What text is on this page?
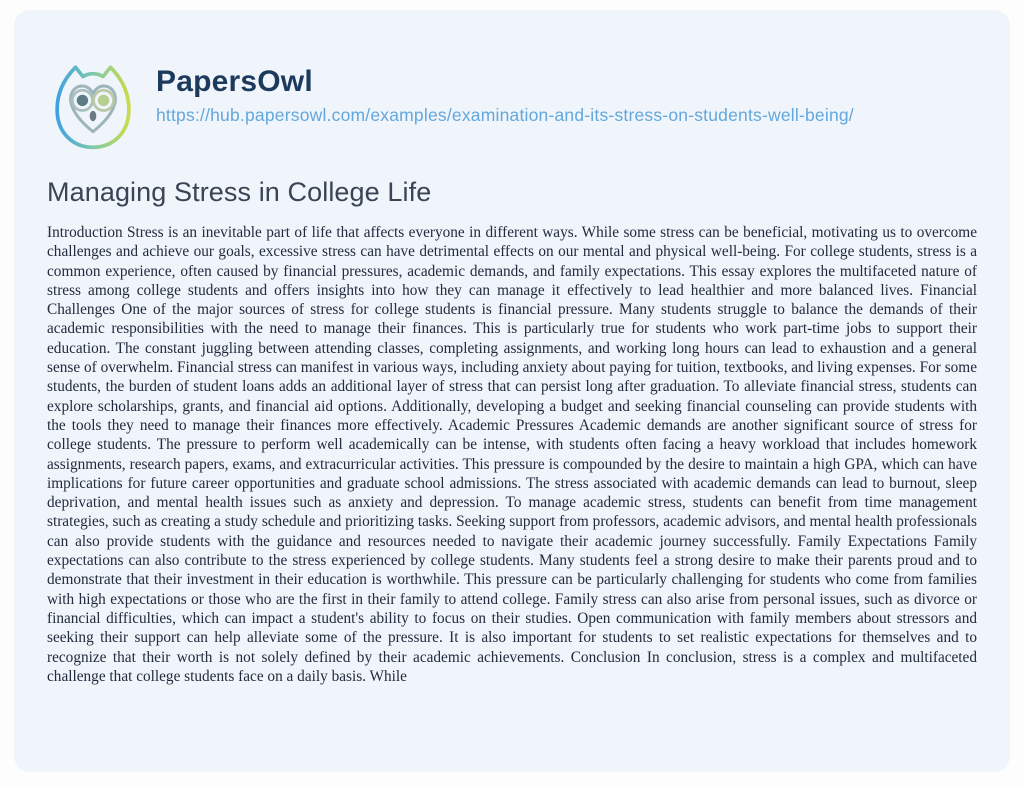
PapersOwl
https://hub.papersowl.com/examples/examination-and-its-stress-on-students-well-being/
Managing Stress in College Life

Introduction Stress is an inevitable part of life that affects everyone in different ways. While some stress can be beneficial, motivating us to overcome challenges and achieve our goals, excessive stress can have detrimental effects on our mental and physical well-being. For college students, stress is a common experience, often caused by financial pressures, academic demands, and family expectations. This essay explores the multifaceted nature of stress among college students and offers insights into how they can manage it effectively to lead healthier and more balanced lives. Financial Challenges One of the major sources of stress for college students is financial pressure. Many students struggle to balance the demands of their academic responsibilities with the need to manage their finances. This is particularly true for students who work part-time jobs to support their education. The constant juggling between attending classes, completing assignments, and working long hours can lead to exhaustion and a general sense of overwhelm. Financial stress can manifest in various ways, including anxiety about paying for tuition, textbooks, and living expenses. For some students, the burden of student loans adds an additional layer of stress that can persist long after graduation. To alleviate financial stress, students can explore scholarships, grants, and financial aid options. Additionally, developing a budget and seeking financial counseling can provide students with the tools they need to manage their finances more effectively. Academic Pressures Academic demands are another significant source of stress for college students. The pressure to perform well academically can be intense, with students often facing a heavy workload that includes homework assignments, research papers, exams, and extracurricular activities. This pressure is compounded by the desire to maintain a high GPA, which can have implications for future career opportunities and graduate school admissions. The stress associated with academic demands can lead to burnout, sleep deprivation, and mental health issues such as anxiety and depression. To manage academic stress, students can benefit from time management strategies, such as creating a study schedule and prioritizing tasks. Seeking support from professors, academic advisors, and mental health professionals can also provide students with the guidance and resources needed to navigate their academic journey successfully. Family Expectations Family expectations can also contribute to the stress experienced by college students. Many students feel a strong desire to make their parents proud and to demonstrate that their investment in their education is worthwhile. This pressure can be particularly challenging for students who come from families with high expectations or those who are the first in their family to attend college. Family stress can also arise from personal issues, such as divorce or financial difficulties, which can impact a student's ability to focus on their studies. Open communication with family members about stressors and seeking their support can help alleviate some of the pressure. It is also important for students to set realistic expectations for themselves and to recognize that their worth is not solely defined by their academic achievements. Conclusion In conclusion, stress is a complex and multifaceted challenge that college students face on a daily basis. While
